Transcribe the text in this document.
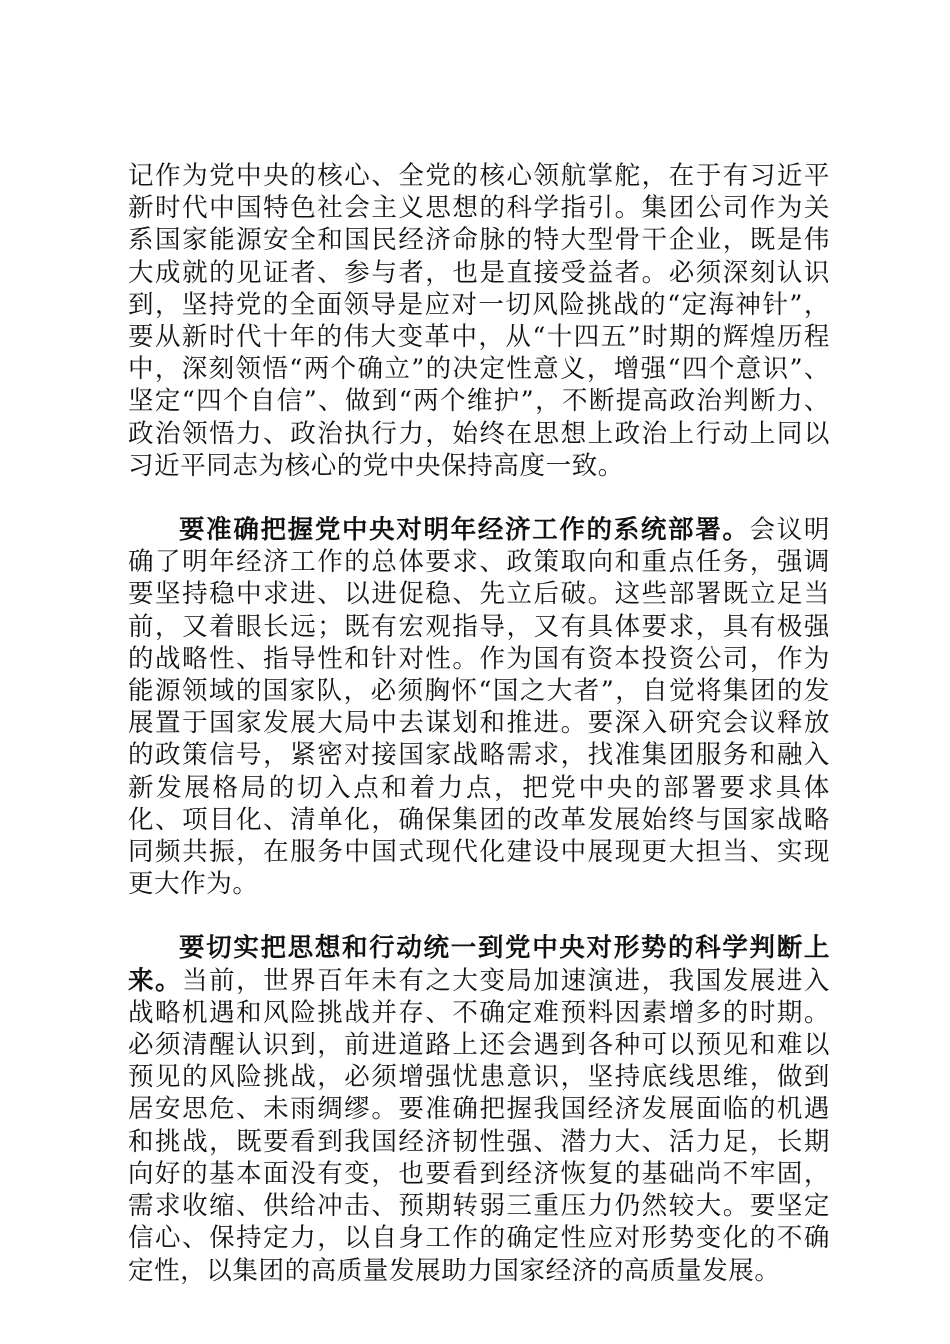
记作为党中央的核心、全党的核心领航掌舵，在于有习近平新时代中国特色社会主义思想的科学指引。集团公司作为关系国家能源安全和国民经济命脉的特大型骨干企业，既是伟大成就的见证者、参与者，也是直接受益者。必须深刻认识到，坚持党的全面领导是应对一切风险挑战的“定海神针”，要从新时代十年的伟大变革中，从“十四五”时期的辉煌历程中，深刻领悟“两个确立”的决定性意义，增强“四个意识”、坚定“四个自信”、做到“两个维护”，不断提高政治判断力、政治领悟力、政治执行力，始终在思想上政治上行动上同以习近平同志为核心的党中央保持高度一致。

要准确把握党中央对明年经济工作的系统部署。会议明确了明年经济工作的总体要求、政策取向和重点任务，强调要坚持稳中求进、以进促稳、先立后破。这些部署既立足当前，又着眼长远；既有宏观指导，又有具体要求，具有极强的战略性、指导性和针对性。作为国有资本投资公司，作为能源领域的国家队，必须胸怀“国之大者”，自觉将集团的发展置于国家发展大局中去谋划和推进。要深入研究会议释放的政策信号，紧密对接国家战略需求，找准集团服务和融入新发展格局的切入点和着力点，把党中央的部署要求具体化、项目化、清单化，确保集团的改革发展始终与国家战略同频共振，在服务中国式现代化建设中展现更大担当、实现更大作为。

要切实把思想和行动统一到党中央对形势的科学判断上来。当前，世界百年未有之大变局加速演进，我国发展进入战略机遇和风险挑战并存、不确定难预料因素增多的时期。必须清醒认识到，前进道路上还会遇到各种可以预见和难以预见的风险挑战，必须增强忧患意识，坚持底线思维，做到居安思危、未雨绸缪。要准确把握我国经济发展面临的机遇和挑战，既要看到我国经济韧性强、潜力大、活力足，长期向好的基本面没有变，也要看到经济恢复的基础尚不牢固，需求收缩、供给冲击、预期转弱三重压力仍然较大。要坚定信心、保持定力，以自身工作的确定性应对形势变化的不确定性，以集团的高质量发展助力国家经济的高质量发展。
